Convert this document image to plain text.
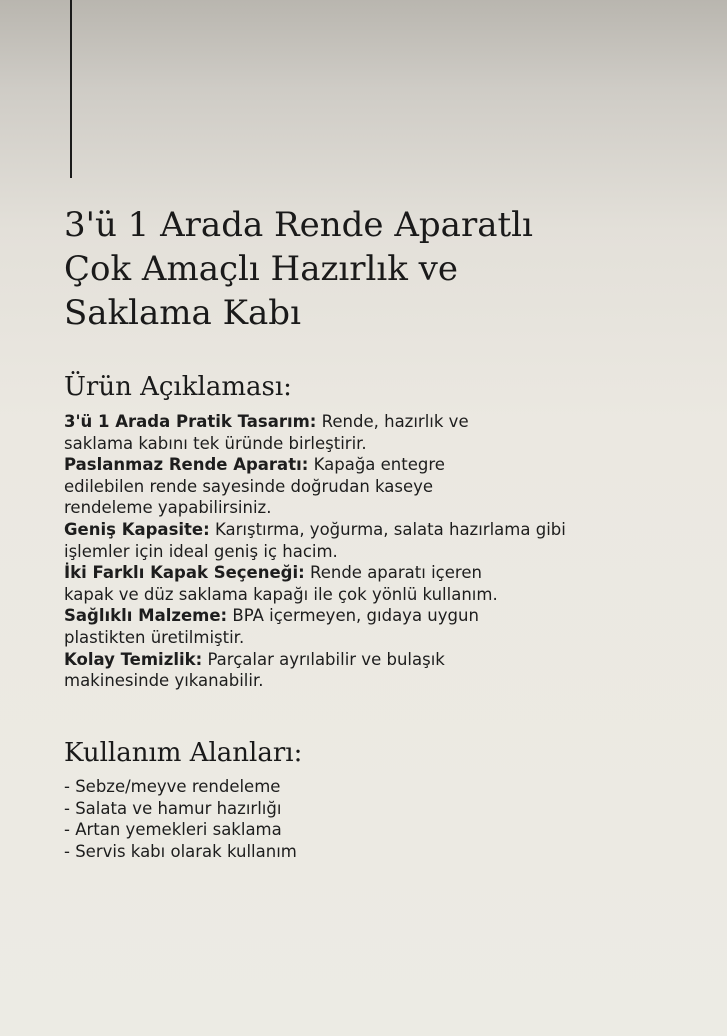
3'ü 1 Arada Rende Aparatlı
Çok Amaçlı Hazırlık ve
Saklama Kabı
Ürün Açıklaması:

3'ü 1 Arada Pratik Tasarım: Rende, hazırlık ve
saklama kabını tek üründe birleştirir.

Paslanmaz Rende Aparatı: Kapağa entegre
edilebilen rende sayesinde doğrudan kaseye
rendeleme yapabilirsiniz.

Geniş Kapasite: Karıştırma, yoğurma, salata hazırlama gibi
işlemler için ideal geniş iç hacim.

İki Farklı Kapak Seçeneği: Rende aparatı içeren
kapak ve düz saklama kapağı ile çok yönlü kullanım.

Sağlıklı Malzeme: BPA içermeyen, gıdaya uygun
plastikten üretilmiştir.

Kolay Temizlik: Parçalar ayrılabilir ve bulaşık
makinesinde yıkanabilir.

Kullanım Alanları:
- Sebze/meyve rendeleme
- Salata ve hamur hazırlığı
- Artan yemekleri saklama
- Servis kabı olarak kullanım
